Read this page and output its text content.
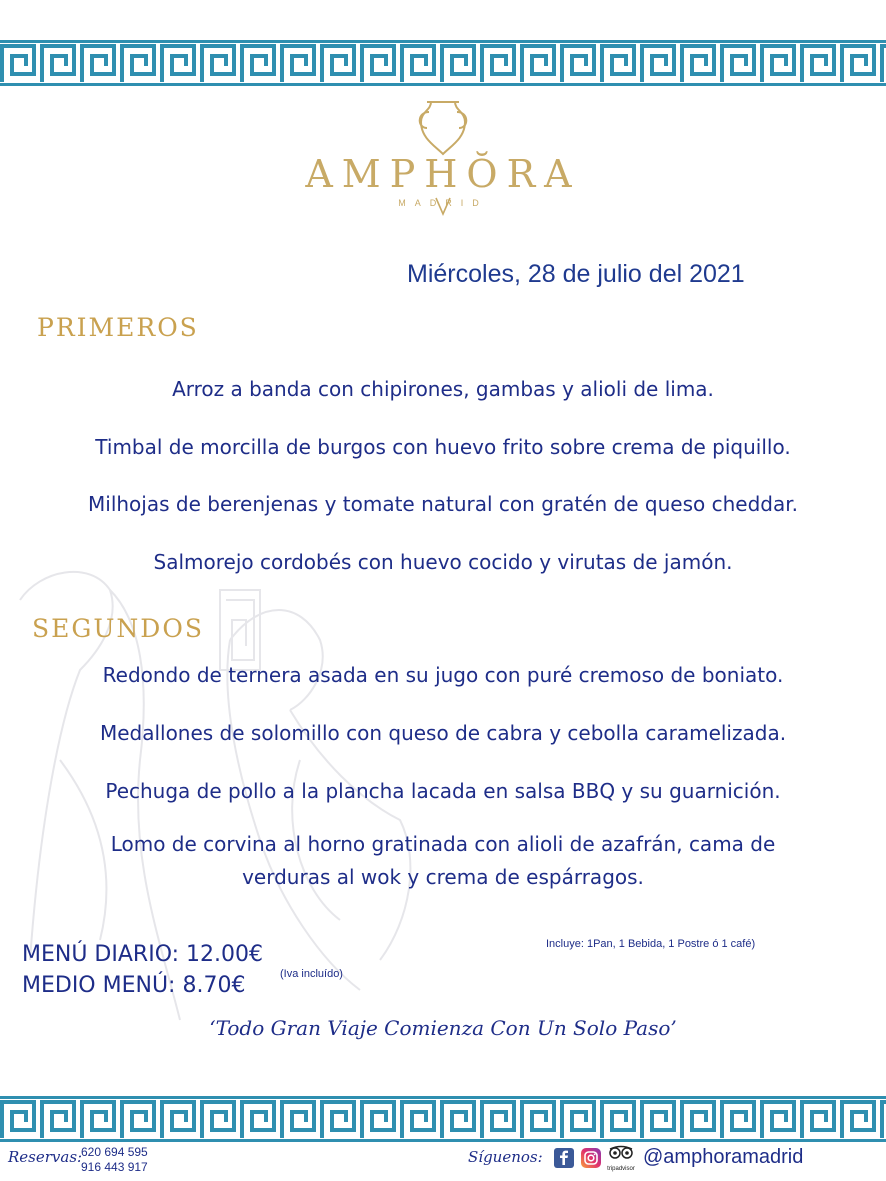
AMPHŎRA
MADRID
Miércoles, 28 de julio del 2021
PRIMEROS
Arroz a banda con chipirones, gambas y alioli de lima.
Timbal de morcilla de burgos con huevo frito sobre crema de piquillo.
Milhojas de berenjenas y tomate natural con gratén de queso cheddar.
Salmorejo cordobés con huevo cocido y virutas de jamón.
SEGUNDOS
Redondo de ternera asada en su jugo con puré cremoso de boniato.
Medallones de solomillo con queso de cabra y cebolla caramelizada.
Pechuga de pollo a la plancha lacada en salsa BBQ y su guarnición.
Lomo de corvina al horno gratinada con alioli de azafrán, cama de
verduras al wok y crema de espárragos.
MENÚ DIARIO: 12.00€
MEDIO MENÚ: 8.70€	(Iva incluído)
Incluye: 1Pan, 1 Bebida, 1 Postre ó 1 café)
‘Todo Gran Viaje Comienza Con Un Solo Paso’
Reservas:
620 694 595
916 443 917
Síguenos:
tripadvisor
@amphoramadrid
